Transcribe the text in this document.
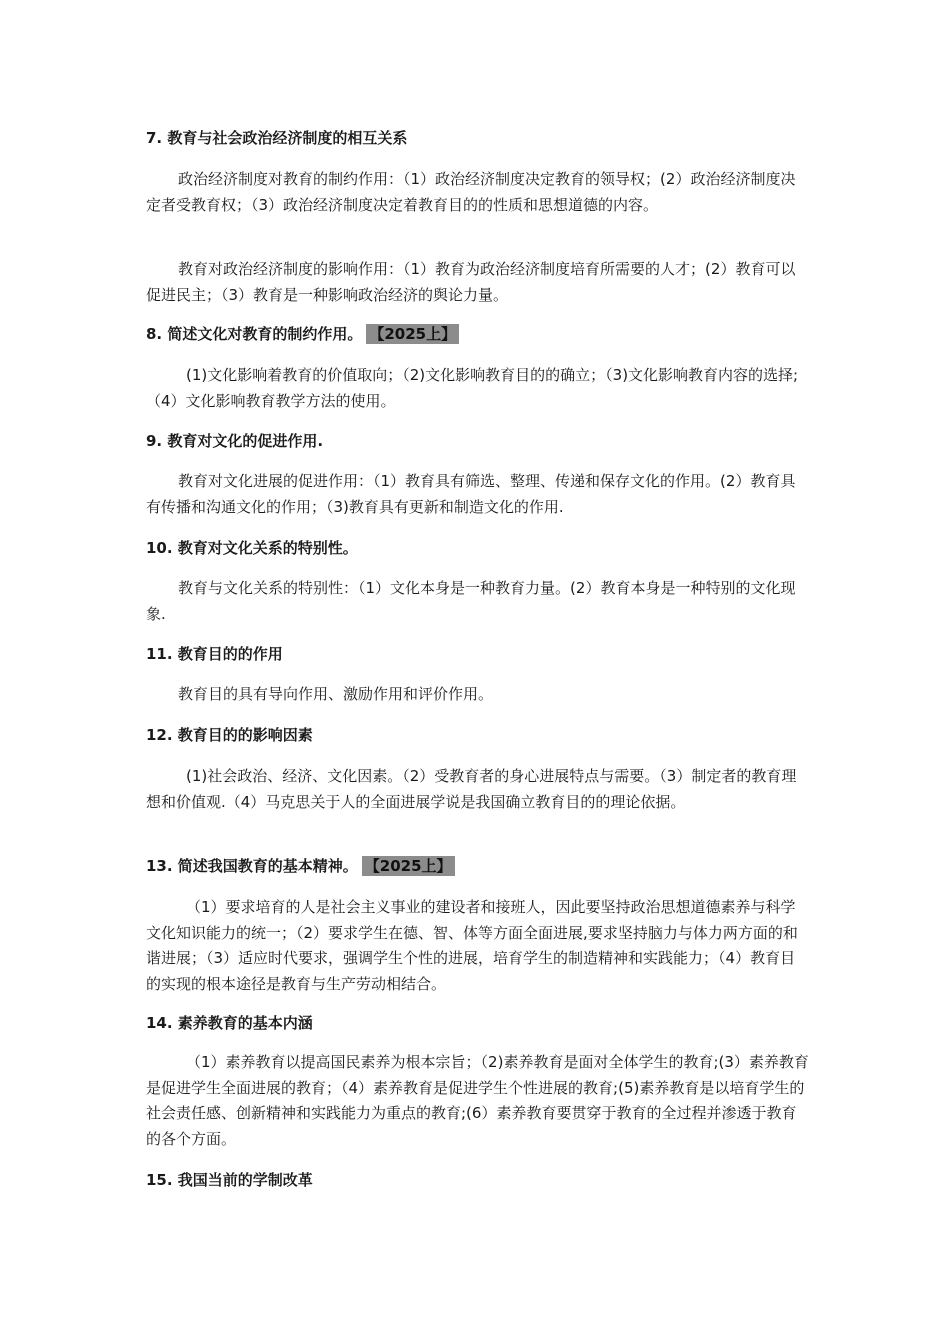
7. 教育与社会政治经济制度的相互关系
政治经济制度对教育的制约作用：（1）政治经济制度决定教育的领导权；(2）政治经济制度决定者受教育权；（3）政治经济制度决定着教育目的的性质和思想道德的内容。
教育对政治经济制度的影响作用：（1）教育为政治经济制度培育所需要的人才；(2）教育可以促进民主；（3）教育是一种影响政治经济的舆论力量。
8. 简述文化对教育的制约作用。 【2025上】
(1)文化影响着教育的价值取向；（2)文化影响教育目的的确立；（3)文化影响教育内容的选择;（4）文化影响教育教学方法的使用。
9. 教育对文化的促进作用.
教育对文化进展的促进作用：（1）教育具有筛选、整理、传递和保存文化的作用。(2）教育具有传播和沟通文化的作用；（3)教育具有更新和制造文化的作用.
10. 教育对文化关系的特别性。
教育与文化关系的特别性：（1）文化本身是一种教育力量。(2）教育本身是一种特别的文化现象.
11. 教育目的的作用
教育目的具有导向作用、激励作用和评价作用。
12. 教育目的的影响因素
(1)社会政治、经济、文化因素。（2）受教育者的身心进展特点与需要。（3）制定者的教育理想和价值观.（4）马克思关于人的全面进展学说是我国确立教育目的的理论依据。
13. 简述我国教育的基本精神。 【2025上】
（1）要求培育的人是社会主义事业的建设者和接班人，因此要坚持政治思想道德素养与科学文化知识能力的统一；（2）要求学生在德、智、体等方面全面进展,要求坚持脑力与体力两方面的和谐进展；（3）适应时代要求，强调学生个性的进展，培育学生的制造精神和实践能力；（4）教育目的实现的根本途径是教育与生产劳动相结合。
14. 素养教育的基本内涵
（1）素养教育以提高国民素养为根本宗旨；（2)素养教育是面对全体学生的教育;(3）素养教育是促进学生全面进展的教育；（4）素养教育是促进学生个性进展的教育;(5)素养教育是以培育学生的社会责任感、创新精神和实践能力为重点的教育;(6）素养教育要贯穿于教育的全过程并渗透于教育的各个方面。
15. 我国当前的学制改革
